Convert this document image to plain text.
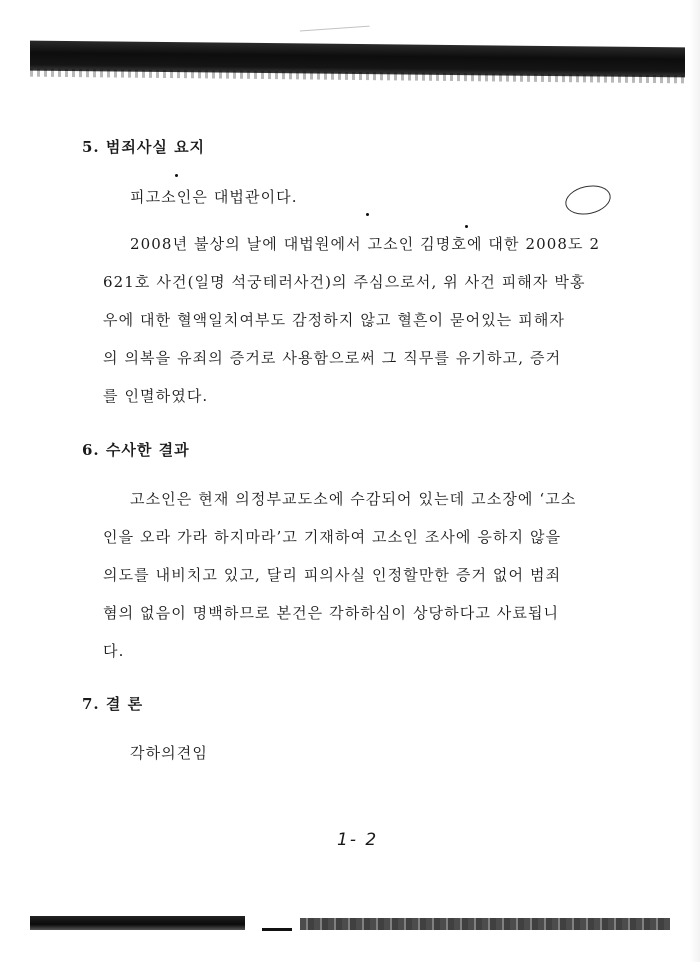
5. 범죄사실 요지
피고소인은 대법관이다.
2008년 불상의 날에 대법원에서 고소인 김명호에 대한 2008도 2
621호 사건(일명 석궁테러사건)의 주심으로서, 위 사건 피해자 박홍
우에 대한 혈액일치여부도 감정하지 않고 혈흔이 묻어있는 피해자
의 의복을 유죄의 증거로 사용함으로써 그 직무를 유기하고, 증거
를 인멸하였다.
6. 수사한 결과
고소인은 현재 의정부교도소에 수감되어 있는데 고소장에 ‘고소
인을 오라 가라 하지마라’고 기재하여 고소인 조사에 응하지 않을
의도를 내비치고 있고, 달리 피의사실 인정할만한 증거 없어 범죄
혐의 없음이 명백하므로 본건은 각하하심이 상당하다고 사료됩니
다.
7. 결 론
각하의견임
1- 2
